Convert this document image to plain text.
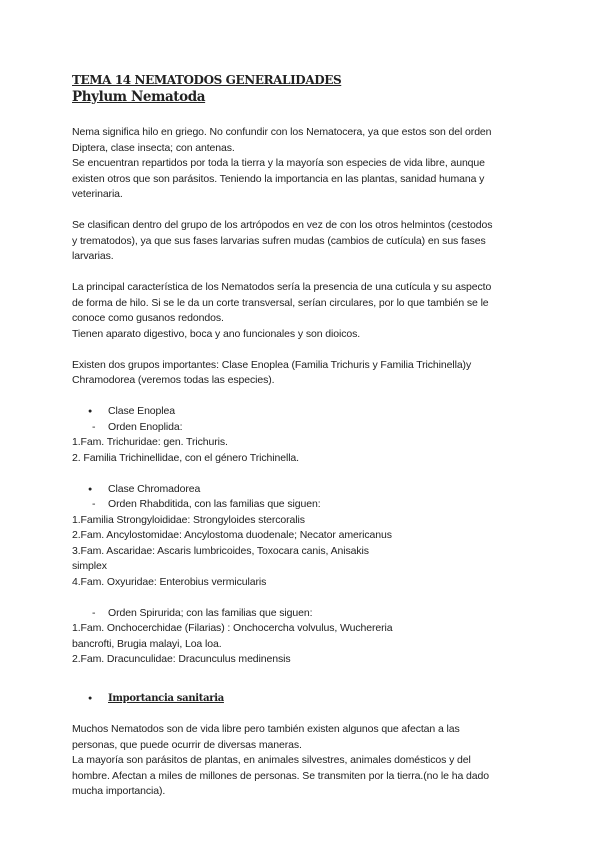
TEMA 14 NEMATODOS GENERALIDADES
Phylum Nematoda
Nema significa hilo en griego. No confundir con los Nematocera, ya que estos son del orden
Diptera, clase insecta; con antenas.
Se encuentran repartidos por toda la tierra y la mayoría son especies de vida libre, aunque
existen otros que son parásitos. Teniendo la importancia en las plantas, sanidad humana y
veterinaria.
Se clasifican dentro del grupo de los artrópodos en vez de con los otros helmintos (cestodos
y trematodos), ya que sus fases larvarias sufren mudas (cambios de cutícula) en sus fases
larvarias.
La principal característica de los Nematodos sería la presencia de una cutícula y su aspecto
de forma de hilo. Si se le da un corte transversal, serían circulares, por lo que también se le
conoce como gusanos redondos.
Tienen aparato digestivo, boca y ano funcionales y son dioicos.
Existen dos grupos importantes: Clase Enoplea (Familia Trichuris y Familia Trichinella)y
Chramodorea (veremos todas las especies).
● Clase Enoplea
- Orden Enoplida:
1.Fam. Trichuridae: gen. Trichuris.
2. Familia Trichinellidae, con el género Trichinella.
● Clase Chromadorea
- Orden Rhabditida, con las familias que siguen:
1.Familia Strongyloididae: Strongyloides stercoralis
2.Fam. Ancylostomidae: Ancylostoma duodenale; Necator americanus
3.Fam. Ascaridae: Ascaris lumbricoides, Toxocara canis, Anisakis
simplex
4.Fam. Oxyuridae: Enterobius vermicularis
- Orden Spirurida; con las familias que siguen:
1.Fam. Onchocerchidae (Filarias) : Onchocercha volvulus, Wuchereria
bancrofti, Brugia malayi, Loa loa.
2.Fam. Dracunculidae: Dracunculus medinensis
● Importancia sanitaria
Muchos Nematodos son de vida libre pero también existen algunos que afectan a las
personas, que puede ocurrir de diversas maneras.
La mayoría son parásitos de plantas, en animales silvestres, animales domésticos y del
hombre. Afectan a miles de millones de personas. Se transmiten por la tierra.(no le ha dado
mucha importancia).
